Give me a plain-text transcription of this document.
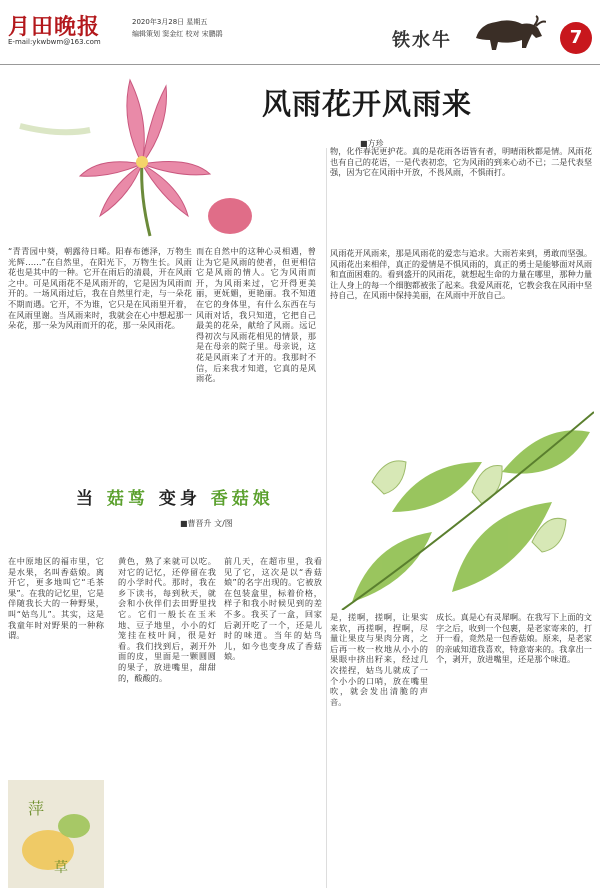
月田晚报
E-mail:ykwbwm@163.com
2020年3月28日 星期五
编辑策划 窦金红 校对 宋鹏鹃	铁水牛	7
风雨花开风雨来
■方珍
“青青园中葵，朝露待日晞。阳春布德泽，万物生光辉……”在自然里，在阳光下，万物生长。风雨花也是其中的一种。它开在雨后的清晨，开在风雨之中。可是风雨花不是风雨开的，它是因为风雨而开的。一场风雨过后，我在自然里行走，与一朵花不期而遇。它开，不为谁，它只是在风雨里开着，在风雨里谢。当风雨来时，我就会在心中想起那一朵花，那一朵为风雨而开的花，那一朵风雨花。
而在自然中的这种心灵相遇，曾让为它是风雨的使者，但更相信它是风雨的情人。它为风雨而开，为风雨来过，它开得更美丽，更妩媚，更艳丽。我不知道在它的身体里，有什么东西在与风雨对话，我只知道，它把自己最美的花朵，献给了风雨。远记得初次与风雨花相见的情景，那是在母亲的院子里。母亲说，这花是风雨来了才开的。我那时不信，后来我才知道，它真的是风雨花。
物，化作春泥更护花。真的是花雨各语皆有者，明晴雨秋都是情。风雨花也有自己的花语，一是代表初恋，它为风雨的到来心动不已；二是代表坚强，因为它在风雨中开放，不畏风雨，不惧雨打。
风雨花开风雨来，那是风雨花的爱恋与追求。大雨若来到，勇敢而坚强。风雨花出来相伴，真正的爱情是不惧风雨的，真正的勇士是能够面对风雨和直面困难的。看到盛开的风雨花，就想起生命的力量在哪里，那种力量让人身上的每一个细胞都被张了起来。我爱风雨花，它教会我在风雨中坚持自己，在风雨中保持美丽，在风雨中开放自己。
当 菇茑 变身 香菇娘
■曹晋升 文/图
在中原地区的福市里，它是水果，名叫香菇娘。离开它，更多地叫它“毛茶果”。在我的记忆里，它是伴随我长大的一种野果，叫“姑鸟儿”。其实，这是我童年时对野果的一种称谓。
黄色，熟了来就可以吃。对它的记忆，还停留在我的小学时代。那时，我在乡下读书，每到秋天，就会和小伙伴们去田野里找它。它们一般长在玉米地、豆子地里，小小的灯笼挂在枝叶间，很是好看。我们找到后，剥开外面的皮，里面是一颗圆圆的果子，放进嘴里，甜甜的，酸酸的。
前几天，在超市里，我看见了它，这次是以“香菇娘”的名字出现的。它被放在包装盒里，标着价格，样子和我小时候见到的差不多。我买了一盒，回家后剥开吃了一个，还是儿时的味道。当年的姑鸟儿，如今也变身成了香菇娘。
是，搓啊，搓啊，让果实来软，再搓啊，捏啊，尽量让果皮与果肉分离，之后再一枚一枚地从小小的果眼中挤出籽来，经过几次搓捏，姑鸟儿就成了一个小小的口哨，放在嘴里吹，就会发出清脆的声音。
成长。真是心有灵犀啊。在我写下上面的文字之后，收到一个包裹，是老家寄来的，打开一看，竟然是一包香菇娘。原来，是老家的亲戚知道我喜欢，特意寄来的。我拿出一个，剥开，放进嘴里，还是那个味道。
萍
草
